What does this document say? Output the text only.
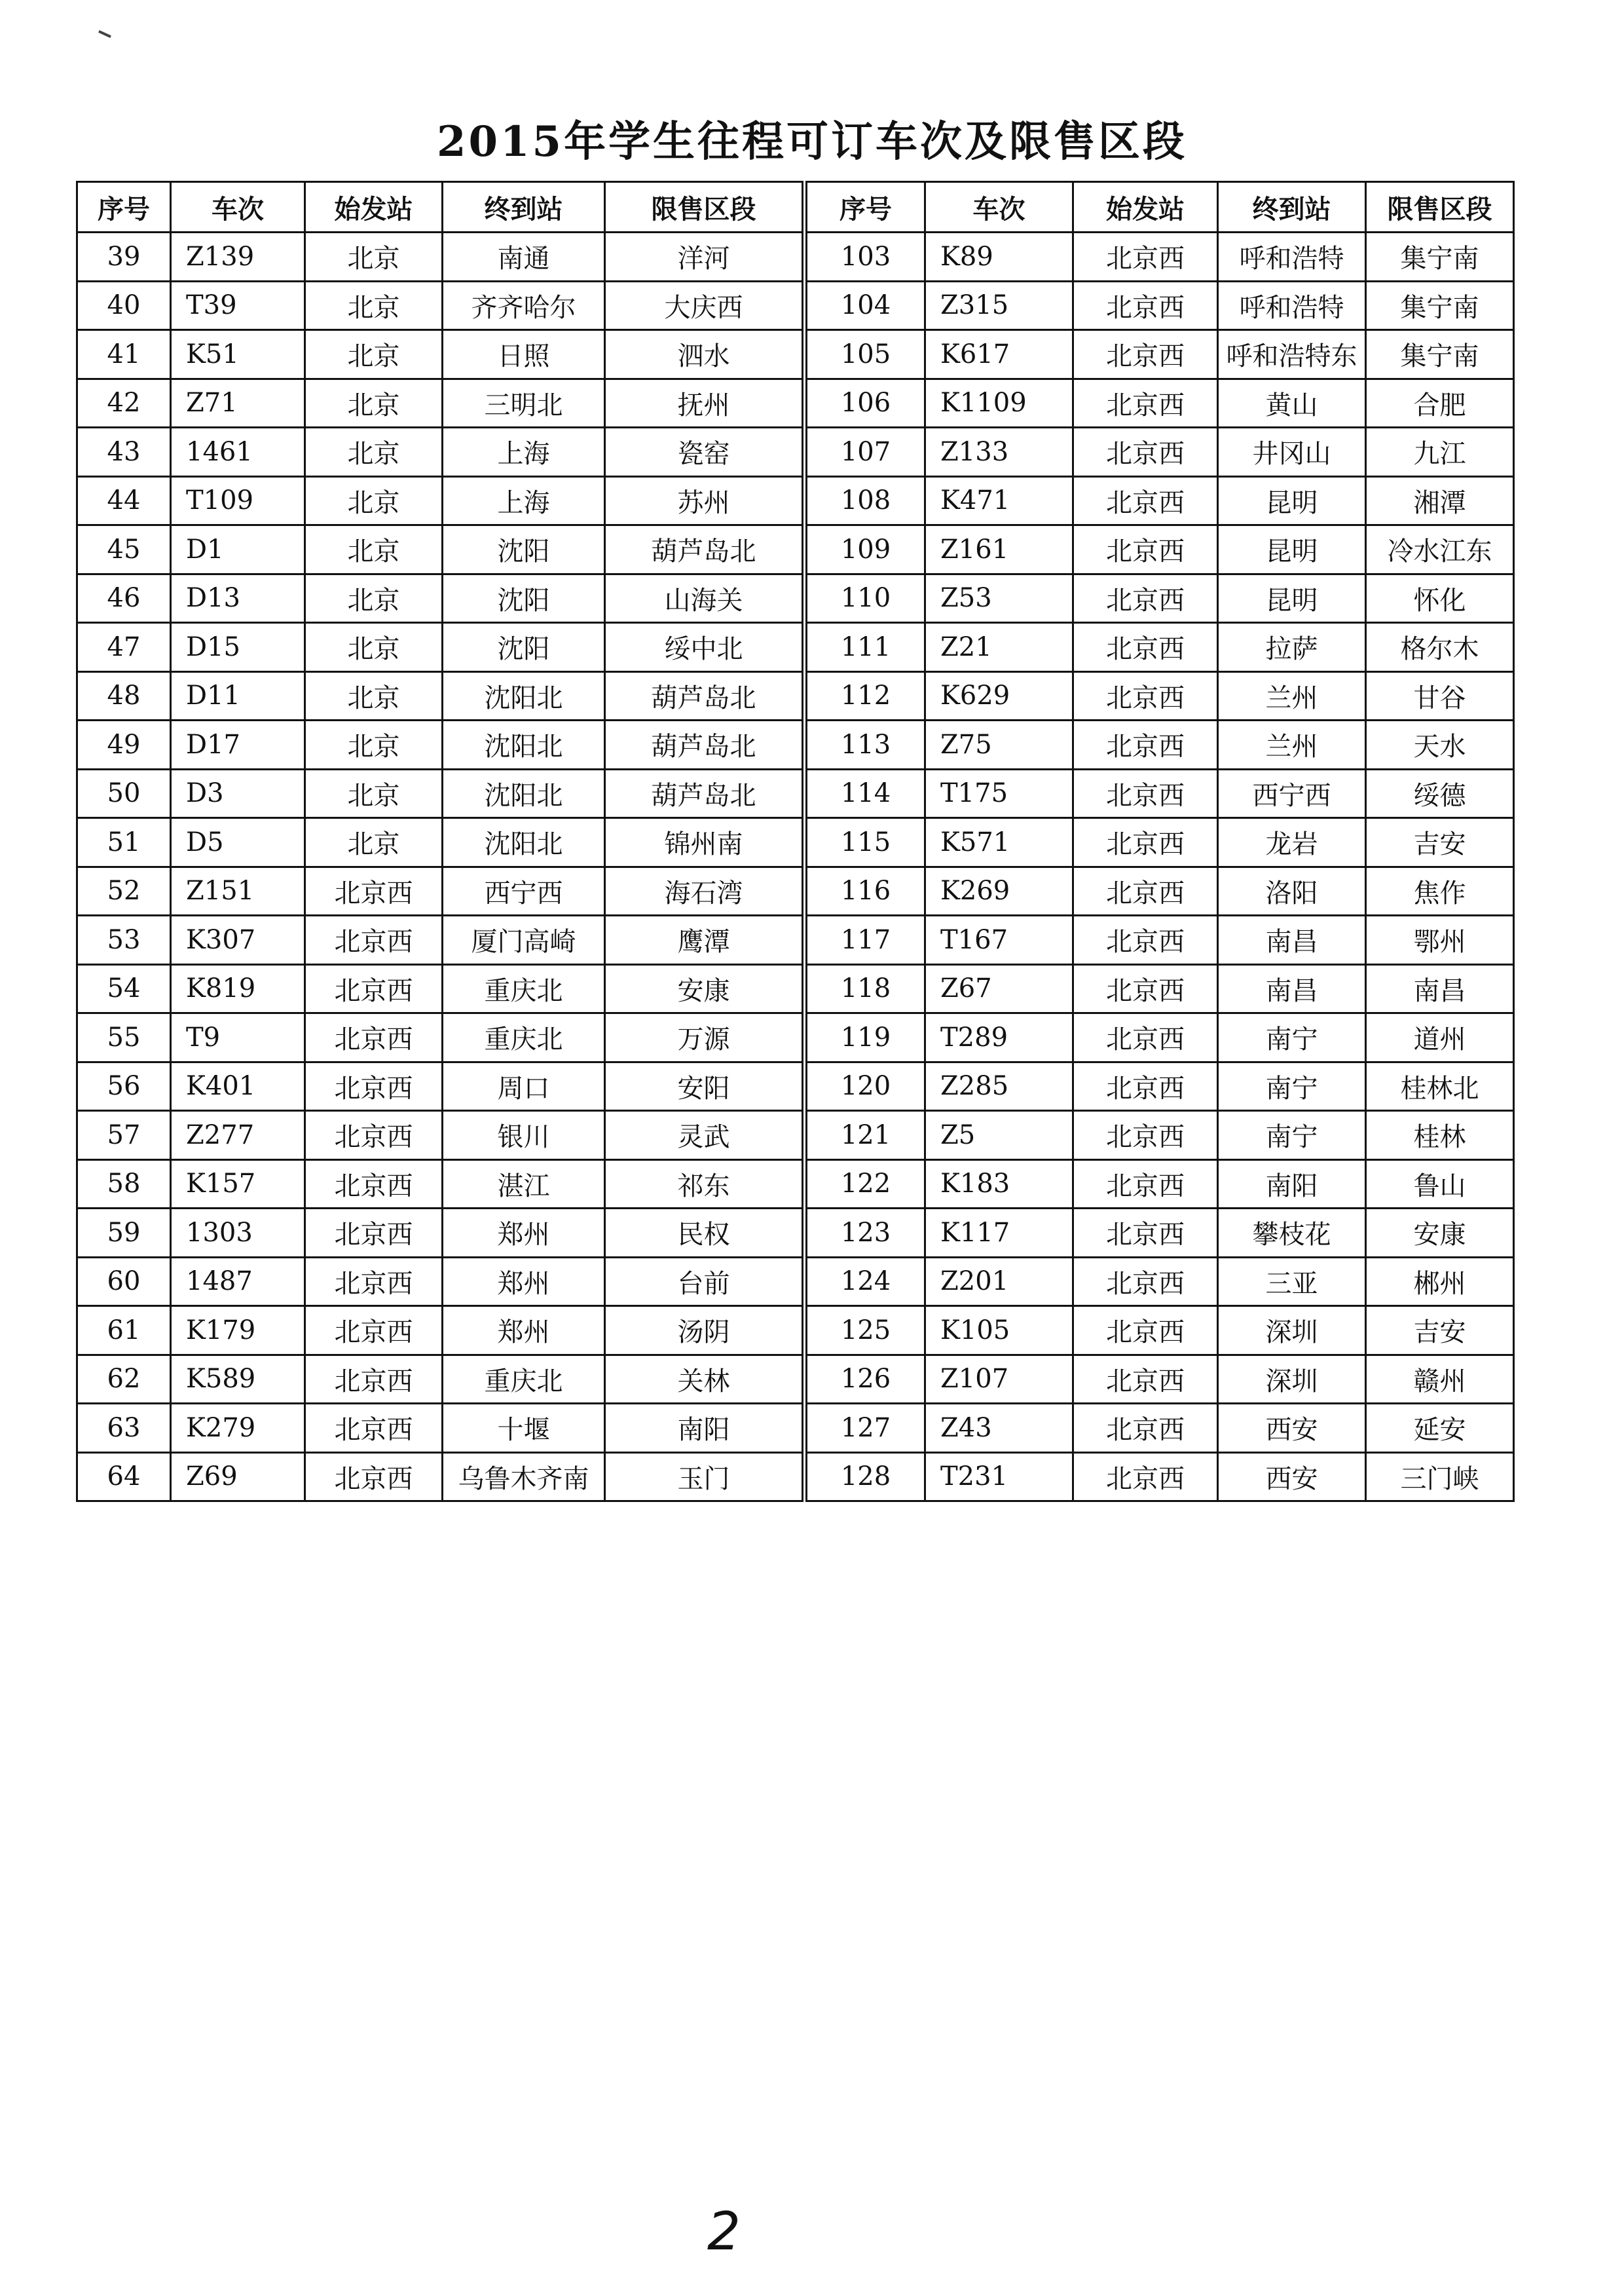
2015年学生往程可订车次及限售区段
序号	车次	始发站	终到站	限售区段	序号	车次	始发站	终到站	限售区段
39	Z139	北京	南通	洋河	103	K89	北京西	呼和浩特	集宁南
40	T39	北京	齐齐哈尔	大庆西	104	Z315	北京西	呼和浩特	集宁南
41	K51	北京	日照	泗水	105	K617	北京西	呼和浩特东	集宁南
42	Z71	北京	三明北	抚州	106	K1109	北京西	黄山	合肥
43	1461	北京	上海	瓷窑	107	Z133	北京西	井冈山	九江
44	T109	北京	上海	苏州	108	K471	北京西	昆明	湘潭
45	D1	北京	沈阳	葫芦岛北	109	Z161	北京西	昆明	冷水江东
46	D13	北京	沈阳	山海关	110	Z53	北京西	昆明	怀化
47	D15	北京	沈阳	绥中北	111	Z21	北京西	拉萨	格尔木
48	D11	北京	沈阳北	葫芦岛北	112	K629	北京西	兰州	甘谷
49	D17	北京	沈阳北	葫芦岛北	113	Z75	北京西	兰州	天水
50	D3	北京	沈阳北	葫芦岛北	114	T175	北京西	西宁西	绥德
51	D5	北京	沈阳北	锦州南	115	K571	北京西	龙岩	吉安
52	Z151	北京西	西宁西	海石湾	116	K269	北京西	洛阳	焦作
53	K307	北京西	厦门高崎	鹰潭	117	T167	北京西	南昌	鄂州
54	K819	北京西	重庆北	安康	118	Z67	北京西	南昌	南昌
55	T9	北京西	重庆北	万源	119	T289	北京西	南宁	道州
56	K401	北京西	周口	安阳	120	Z285	北京西	南宁	桂林北
57	Z277	北京西	银川	灵武	121	Z5	北京西	南宁	桂林
58	K157	北京西	湛江	祁东	122	K183	北京西	南阳	鲁山
59	1303	北京西	郑州	民权	123	K117	北京西	攀枝花	安康
60	1487	北京西	郑州	台前	124	Z201	北京西	三亚	郴州
61	K179	北京西	郑州	汤阴	125	K105	北京西	深圳	吉安
62	K589	北京西	重庆北	关林	126	Z107	北京西	深圳	赣州
63	K279	北京西	十堰	南阳	127	Z43	北京西	西安	延安
64	Z69	北京西	乌鲁木齐南	玉门	128	T231	北京西	西安	三门峡
2
